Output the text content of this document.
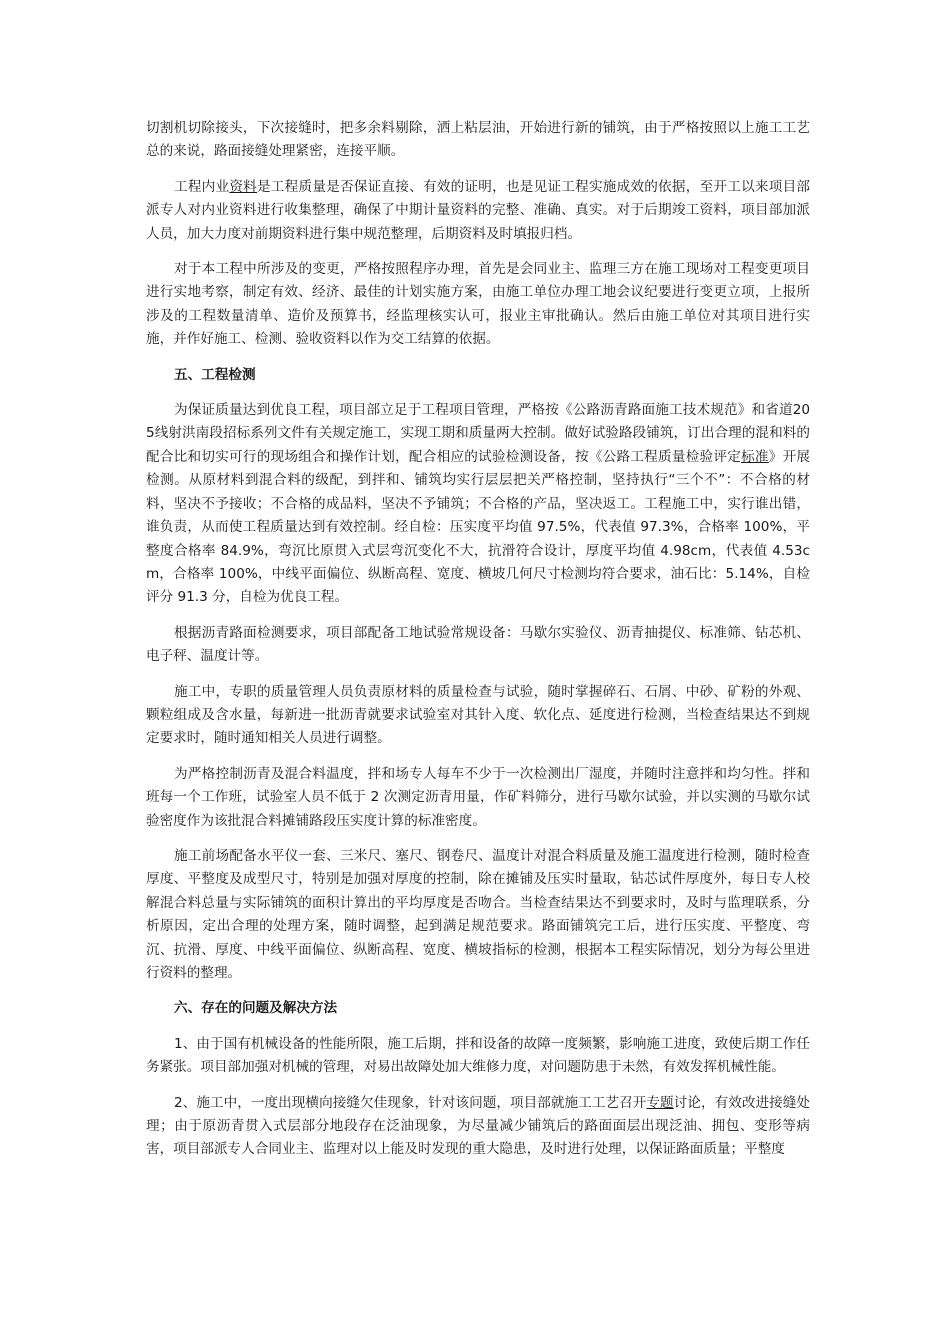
切割机切除接头，下次接缝时，把多余料剔除，洒上粘层油，开始进行新的铺筑，由于严格按照以上施工工艺总的来说，路面接缝处理紧密，连接平顺。

工程内业资料是工程质量是否保证直接、有效的证明，也是见证工程实施成效的依据，至开工以来项目部派专人对内业资料进行收集整理，确保了中期计量资料的完整、准确、真实。对于后期竣工资料，项目部加派人员，加大力度对前期资料进行集中规范整理，后期资料及时填报归档。

对于本工程中所涉及的变更，严格按照程序办理，首先是会同业主、监理三方在施工现场对工程变更项目进行实地考察，制定有效、经济、最佳的计划实施方案，由施工单位办理工地会议纪要进行变更立项，上报所涉及的工程数量清单、造价及预算书，经监理核实认可，报业主审批确认。然后由施工单位对其项目进行实施，并作好施工、检测、验收资料以作为交工结算的依据。

五、工程检测

为保证质量达到优良工程，项目部立足于工程项目管理，严格按《公路沥青路面施工技术规范》和省道205线射洪南段招标系列文件有关规定施工，实现工期和质量两大控制。做好试验路段铺筑，订出合理的混和料的配合比和切实可行的现场组合和操作计划，配合相应的试验检测设备，按《公路工程质量检验评定标准》开展检测。从原材料到混合料的级配，到拌和、铺筑均实行层层把关严格控制，坚持执行“三个不”：不合格的材料，坚决不予接收；不合格的成品料，坚决不予铺筑；不合格的产品，坚决返工。工程施工中，实行谁出错，谁负责，从而使工程质量达到有效控制。经自检：压实度平均值 97.5%，代表值 97.3%，合格率 100%，平整度合格率 84.9%，弯沉比原贯入式层弯沉变化不大，抗滑符合设计，厚度平均值 4.98cm，代表值 4.53cm，合格率 100%，中线平面偏位、纵断高程、宽度、横坡几何尺寸检测均符合要求，油石比：5.14%，自检评分 91.3 分，自检为优良工程。

根据沥青路面检测要求，项目部配备工地试验常规设备：马歇尔实验仪、沥青抽提仪、标准筛、钻芯机、电子秤、温度计等。

施工中，专职的质量管理人员负责原材料的质量检查与试验，随时掌握碎石、石屑、中砂、矿粉的外观、颗粒组成及含水量，每新进一批沥青就要求试验室对其针入度、软化点、延度进行检测，当检查结果达不到规定要求时，随时通知相关人员进行调整。

为严格控制沥青及混合料温度，拌和场专人每车不少于一次检测出厂湿度，并随时注意拌和均匀性。拌和班每一个工作班，试验室人员不低于 2 次测定沥青用量，作矿料筛分，进行马歇尔试验，并以实测的马歇尔试验密度作为该批混合料摊铺路段压实度计算的标准密度。

施工前场配备水平仪一套、三米尺、塞尺、钢卷尺、温度计对混合料质量及施工温度进行检测，随时检查厚度、平整度及成型尺寸，特别是加强对厚度的控制，除在摊铺及压实时量取，钻芯试件厚度外，每日专人校解混合料总量与实际铺筑的面积计算出的平均厚度是否吻合。当检查结果达不到要求时，及时与监理联系，分析原因，定出合理的处理方案，随时调整，起到满足规范要求。路面铺筑完工后，进行压实度、平整度、弯沉、抗滑、厚度、中线平面偏位、纵断高程、宽度、横坡指标的检测，根据本工程实际情况，划分为每公里进行资料的整理。

六、存在的问题及解决方法

1、由于国有机械设备的性能所限，施工后期，拌和设备的故障一度频繁，影响施工进度，致使后期工作任务紧张。项目部加强对机械的管理，对易出故障处加大维修力度，对问题防患于未然，有效发挥机械性能。

2、施工中，一度出现横向接缝欠佳现象，针对该问题，项目部就施工工艺召开专题讨论，有效改进接缝处理；由于原沥青贯入式层部分地段存在泛油现象，为尽量减少铺筑后的路面面层出现泛油、拥包、变形等病害，项目部派专人合同业主、监理对以上能及时发现的重大隐患，及时进行处理，以保证路面质量；平整度
